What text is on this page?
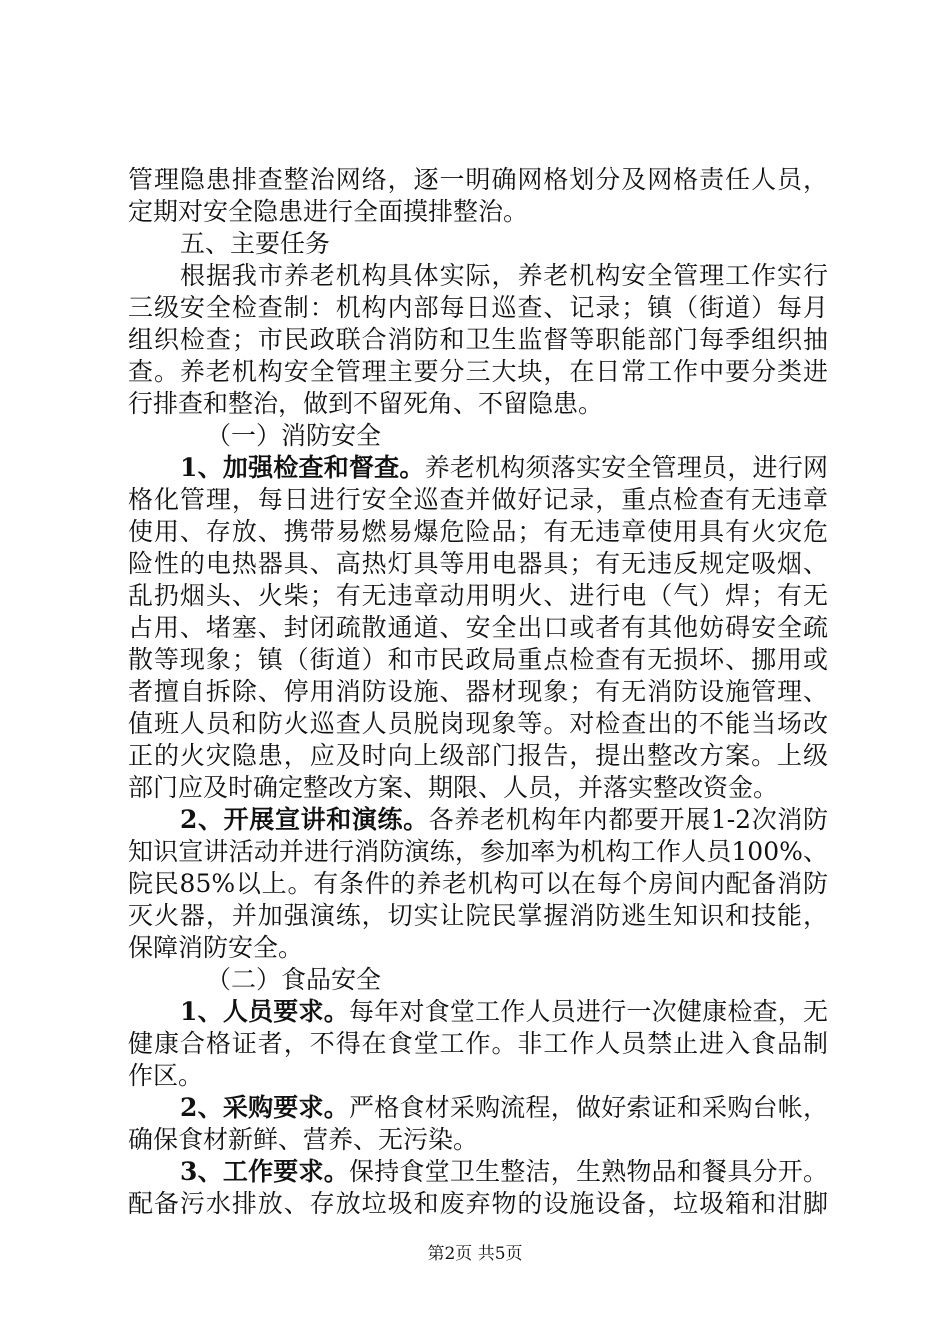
管理隐患排查整治网络，逐一明确网格划分及网格责任人员，
定期对安全隐患进行全面摸排整治。
五、主要任务
根据我市养老机构具体实际，养老机构安全管理工作实行
三级安全检查制：机构内部每日巡查、记录；镇（街道）每月
组织检查；市民政联合消防和卫生监督等职能部门每季组织抽
查。养老机构安全管理主要分三大块，在日常工作中要分类进
行排查和整治，做到不留死角、不留隐患。
（一）消防安全
1、加强检查和督查。养老机构须落实安全管理员，进行网
格化管理，每日进行安全巡查并做好记录，重点检查有无违章
使用、存放、携带易燃易爆危险品；有无违章使用具有火灾危
险性的电热器具、高热灯具等用电器具；有无违反规定吸烟、
乱扔烟头、火柴；有无违章动用明火、进行电（气）焊；有无
占用、堵塞、封闭疏散通道、安全出口或者有其他妨碍安全疏
散等现象；镇（街道）和市民政局重点检查有无损坏、挪用或
者擅自拆除、停用消防设施、器材现象；有无消防设施管理、
值班人员和防火巡查人员脱岗现象等。对检查出的不能当场改
正的火灾隐患，应及时向上级部门报告，提出整改方案。上级
部门应及时确定整改方案、期限、人员，并落实整改资金。
2、开展宣讲和演练。各养老机构年内都要开展1-2次消防
知识宣讲活动并进行消防演练，参加率为机构工作人员100%、
院民85%以上。有条件的养老机构可以在每个房间内配备消防
灭火器，并加强演练，切实让院民掌握消防逃生知识和技能，
保障消防安全。
（二）食品安全
1、人员要求。每年对食堂工作人员进行一次健康检查，无
健康合格证者，不得在食堂工作。非工作人员禁止进入食品制
作区。
2、采购要求。严格食材采购流程，做好索证和采购台帐，
确保食材新鲜、营养、无污染。
3、工作要求。保持食堂卫生整洁，生熟物品和餐具分开。
配备污水排放、存放垃圾和废弃物的设施设备，垃圾箱和泔脚
第2页 共5页
